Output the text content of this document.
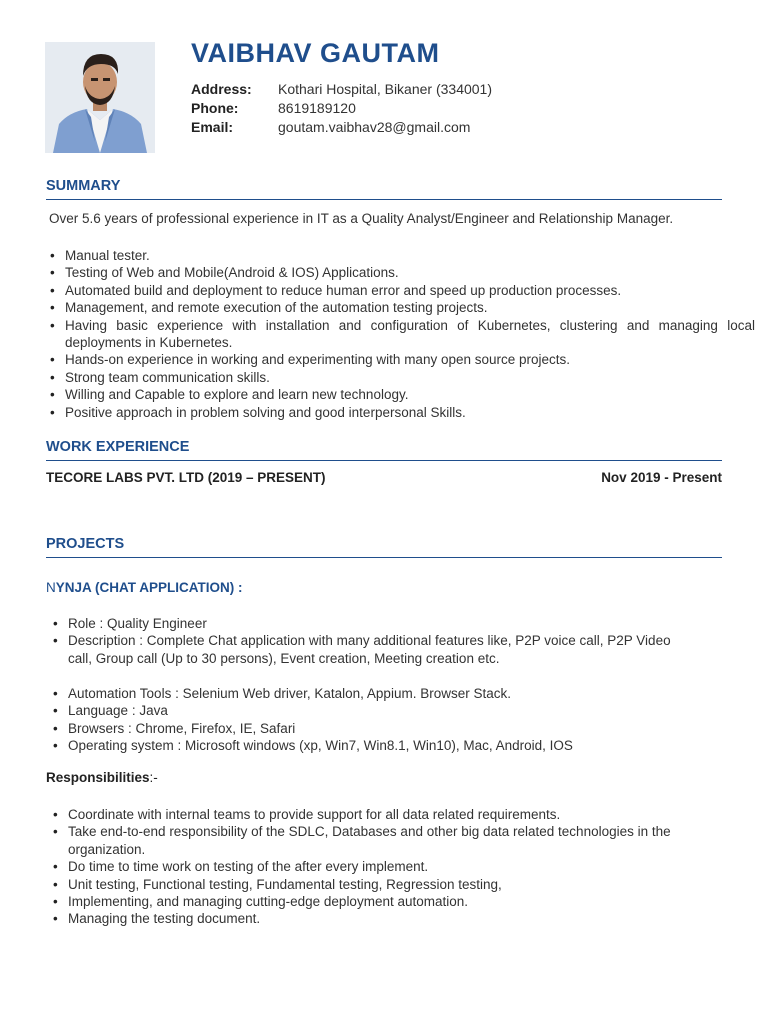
VAIBHAV GAUTAM
Address:	Kothari Hospital, Bikaner (334001)
Phone:	8619189120
Email:	goutam.vaibhav28@gmail.com
SUMMARY

Over 5.6 years of professional experience in IT as a Quality Analyst/Engineer and Relationship Manager.

• Manual tester.
• Testing of Web and Mobile(Android & IOS) Applications.
• Automated build and deployment to reduce human error and speed up production processes.
• Management, and remote execution of the automation testing projects.
• Having basic experience with installation and configuration of Kubernetes, clustering and managing local deployments in Kubernetes.
• Hands-on experience in working and experimenting with many open source projects.
• Strong team communication skills.
• Willing and Capable to explore and learn new technology.
• Positive approach in problem solving and good interpersonal Skills.
WORK EXPERIENCE
TECORE LABS PVT. LTD (2019 – PRESENT)	Nov 2019 - Present
PROJECTS
NYNJA (CHAT APPLICATION) :
• Role : Quality Engineer
• Description : Complete Chat application with many additional features like, P2P voice call, P2P Video call, Group call (Up to 30 persons), Event creation, Meeting creation etc.
• Automation Tools : Selenium Web driver, Katalon, Appium. Browser Stack.
• Language : Java
• Browsers : Chrome, Firefox, IE, Safari
• Operating system : Microsoft windows (xp, Win7, Win8.1, Win10), Mac, Android, IOS
Responsibilities:-
• Coordinate with internal teams to provide support for all data related requirements.
• Take end-to-end responsibility of the SDLC, Databases and other big data related technologies in the organization.
• Do time to time work on testing of the after every implement.
• Unit testing, Functional testing, Fundamental testing, Regression testing,
• Implementing, and managing cutting-edge deployment automation.
• Managing the testing document.
